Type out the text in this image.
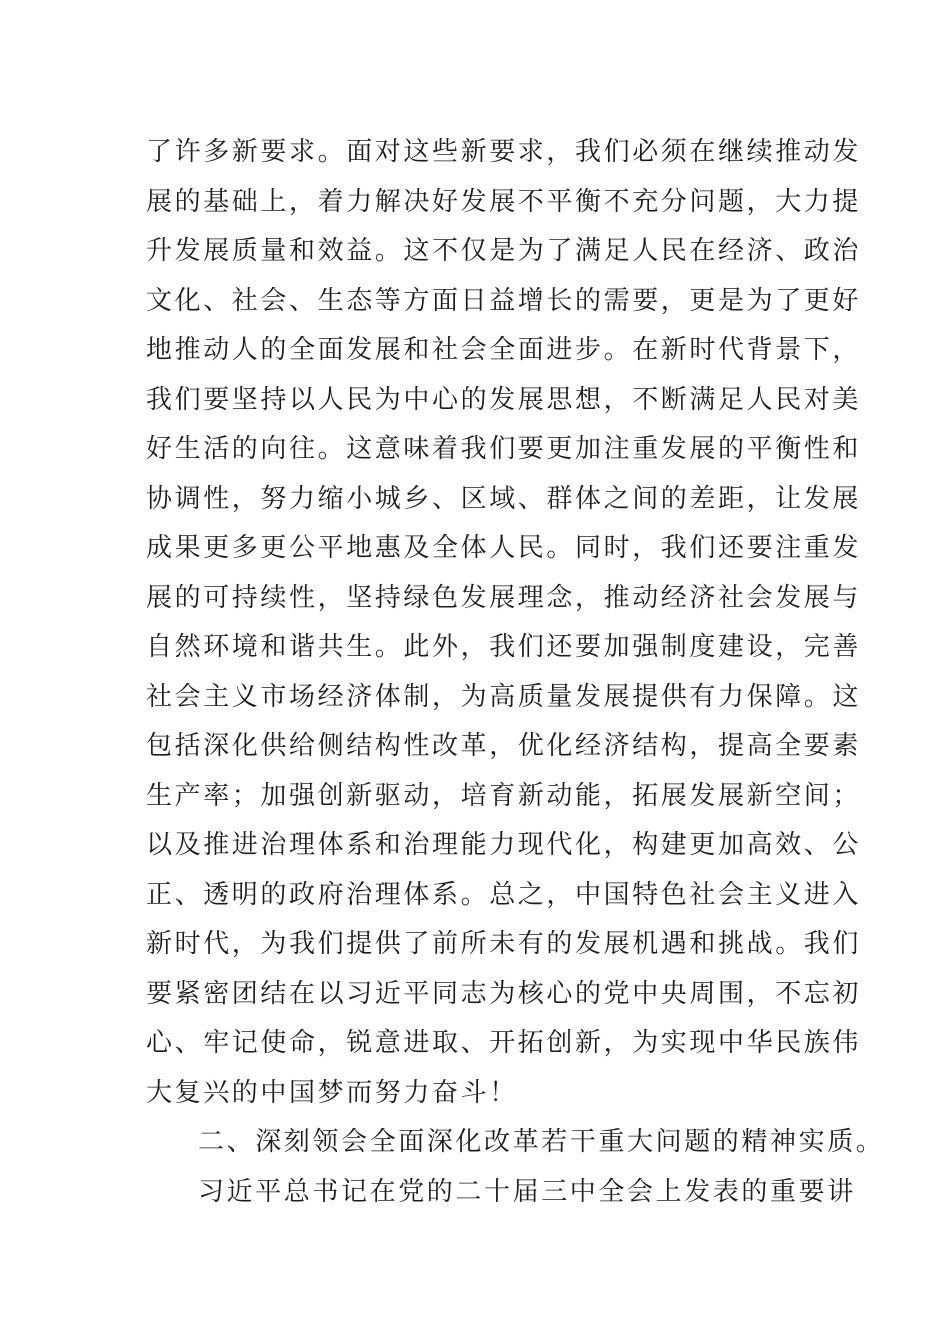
了许多新要求。面对这些新要求，我们必须在继续推动发
展的基础上，着力解决好发展不平衡不充分问题，大力提
升发展质量和效益。这不仅是为了满足人民在经济、政治
文化、社会、生态等方面日益增长的需要，更是为了更好
地推动人的全面发展和社会全面进步。在新时代背景下，
我们要坚持以人民为中心的发展思想，不断满足人民对美
好生活的向往。这意味着我们要更加注重发展的平衡性和
协调性，努力缩小城乡、区域、群体之间的差距，让发展
成果更多更公平地惠及全体人民。同时，我们还要注重发
展的可持续性，坚持绿色发展理念，推动经济社会发展与
自然环境和谐共生。此外，我们还要加强制度建设，完善
社会主义市场经济体制，为高质量发展提供有力保障。这
包括深化供给侧结构性改革，优化经济结构，提高全要素
生产率；加强创新驱动，培育新动能，拓展发展新空间；
以及推进治理体系和治理能力现代化，构建更加高效、公
正、透明的政府治理体系。总之，中国特色社会主义进入
新时代，为我们提供了前所未有的发展机遇和挑战。我们
要紧密团结在以习近平同志为核心的党中央周围，不忘初
心、牢记使命，锐意进取、开拓创新，为实现中华民族伟
大复兴的中国梦而努力奋斗！
二、深刻领会全面深化改革若干重大问题的精神实质。
习近平总书记在党的二十届三中全会上发表的重要讲
